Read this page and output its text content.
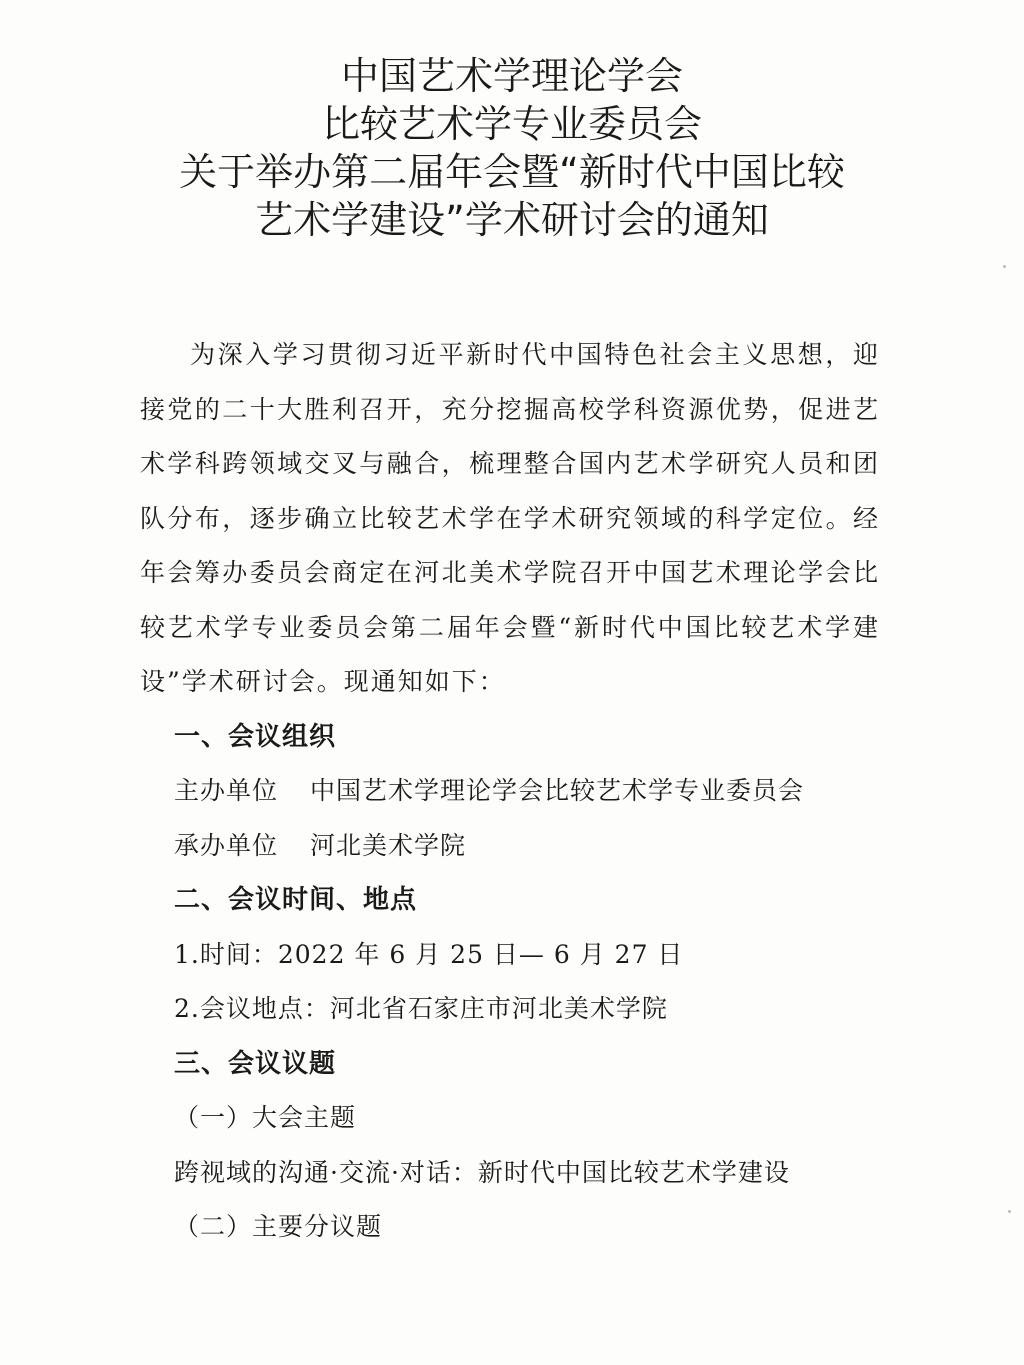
中国艺术学理论学会
比较艺术学专业委员会
关于举办第二届年会暨“新时代中国比较
艺术学建设”学术研讨会的通知
为深入学习贯彻习近平新时代中国特色社会主义思想，迎接党的二十大胜利召开，充分挖掘高校学科资源优势，促进艺术学科跨领域交叉与融合，梳理整合国内艺术学研究人员和团队分布，逐步确立比较艺术学在学术研究领域的科学定位。经年会筹办委员会商定在河北美术学院召开中国艺术理论学会比较艺术学专业委员会第二届年会暨“新时代中国比较艺术学建设”学术研讨会。现通知如下：
一、会议组织
主办单位 中国艺术学理论学会比较艺术学专业委员会
承办单位 河北美术学院
二、会议时间、地点
1.时间：2022 年 6 月 25 日— 6 月 27 日
2.会议地点：河北省石家庄市河北美术学院
三、会议议题
（一）大会主题
跨视域的沟通·交流·对话：新时代中国比较艺术学建设
（二）主要分议题
